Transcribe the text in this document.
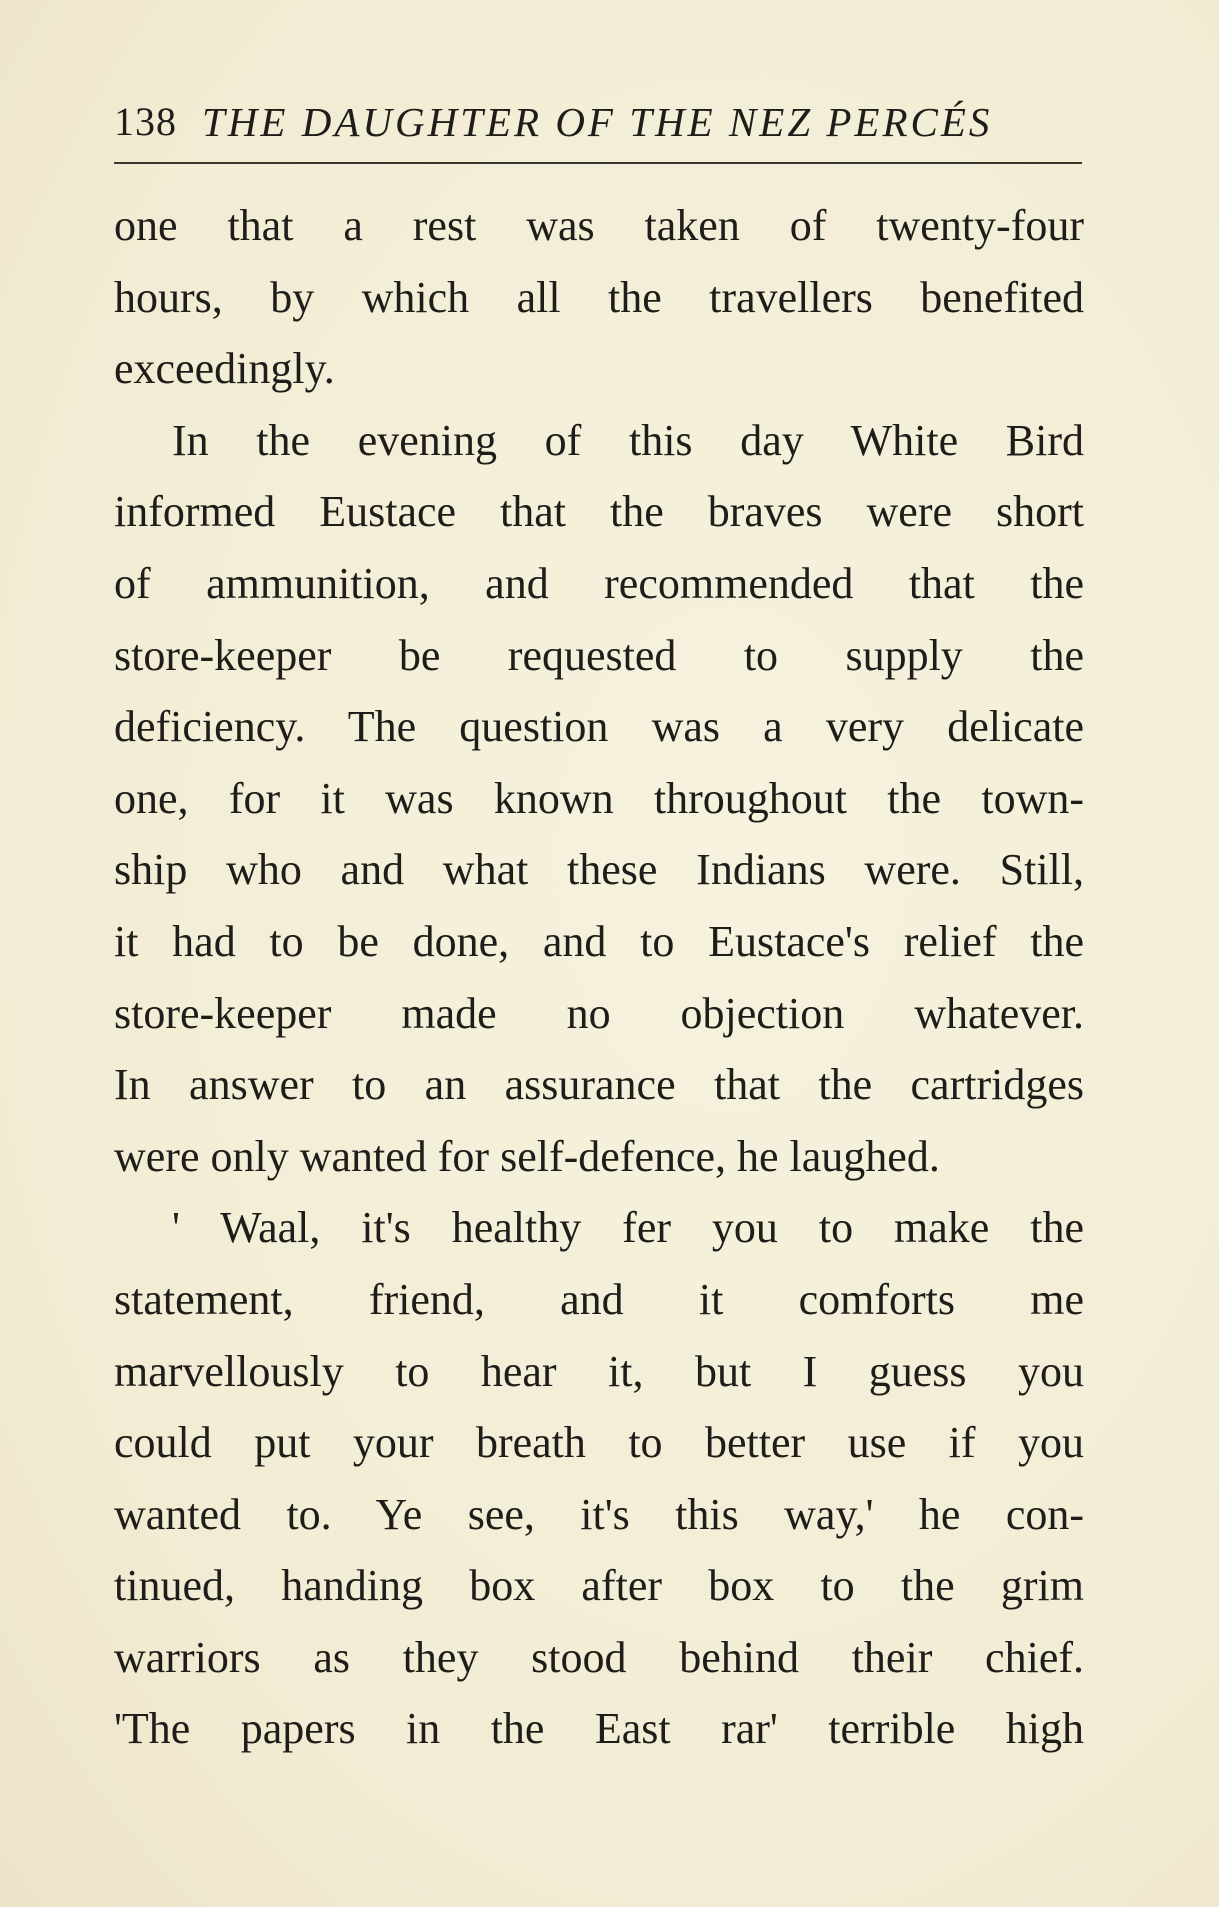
138 THE DAUGHTER OF THE NEZ PERCÉS
one that a rest was taken of twenty-four
hours, by which all the travellers benefited
exceedingly.
In the evening of this day White Bird
informed Eustace that the braves were short
of ammunition, and recommended that the
store-keeper be requested to supply the
deficiency. The question was a very delicate
one, for it was known throughout the town-
ship who and what these Indians were. Still,
it had to be done, and to Eustace's relief the
store-keeper made no objection whatever.
In answer to an assurance that the cartridges
were only wanted for self-defence, he laughed.
' Waal, it's healthy fer you to make the
statement, friend, and it comforts me
marvellously to hear it, but I guess you
could put your breath to better use if you
wanted to. Ye see, it's this way,' he con-
tinued, handing box after box to the grim
warriors as they stood behind their chief.
'The papers in the East rar' terrible high
